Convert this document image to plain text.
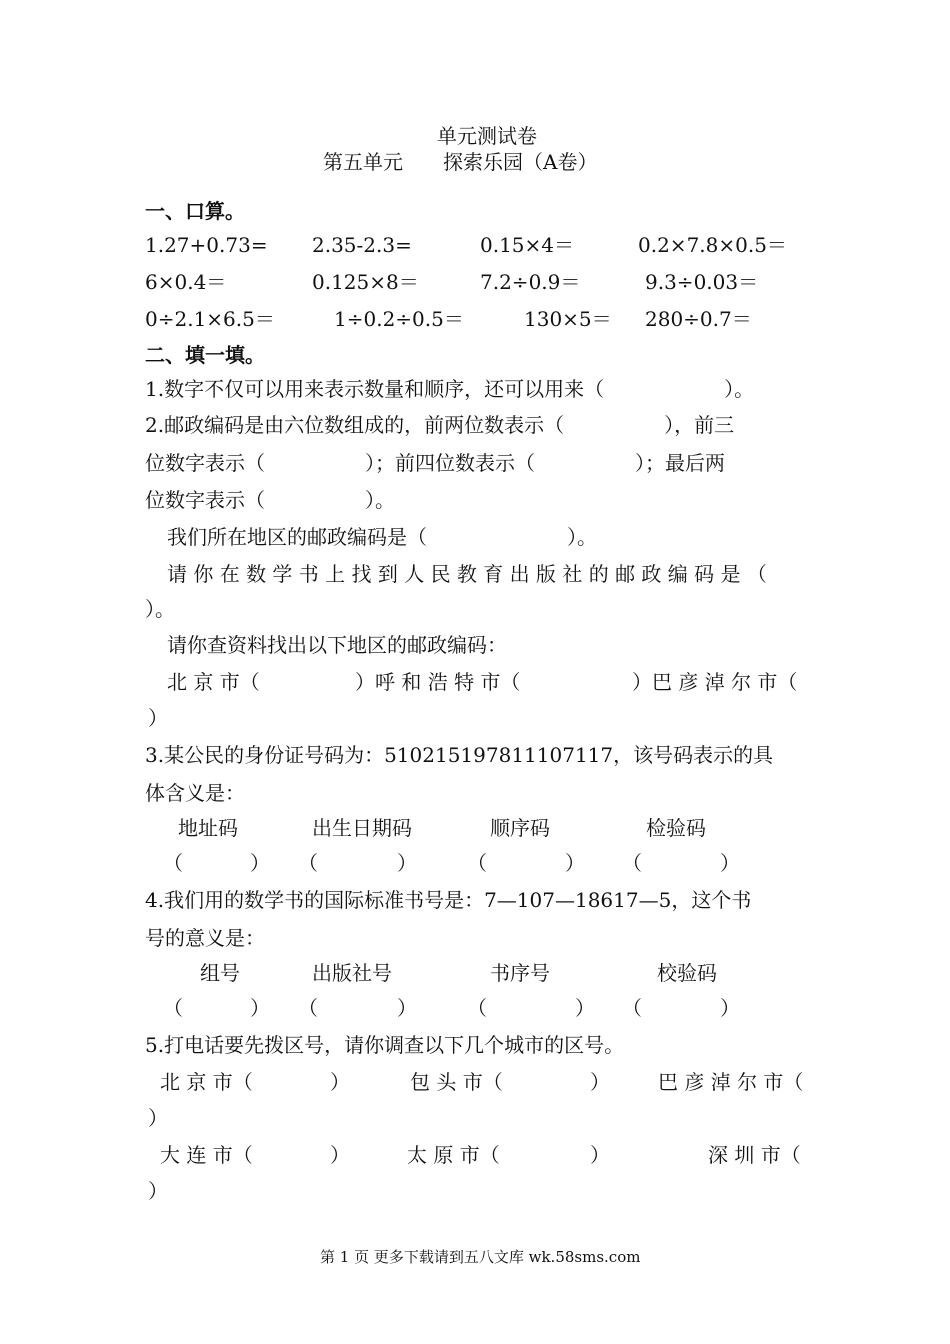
单元测试卷
第五单元　　探索乐园（A卷）
一、口算。
1.27+0.73= 2.35-2.3=	0.15×4＝	0.2×7.8×0.5＝
6×0.4＝	0.125×8＝	7.2÷0.9＝	9.3÷0.03＝
0÷2.1×6.5＝	1÷0.2÷0.5＝	130×5＝ 280÷0.7＝
二、填一填。
1.数字不仅可以用来表示数量和顺序，还可以用来（　　　　　　）。
2.邮政编码是由六位数组成的，前两位数表示（　　　　　），前三
位数字表示（　　　　　）；前四位数表示（　　　　　）；最后两
位数字表示（　　　　　）。
我们所在地区的邮政编码是（　　　　　　　）。
请 你 在 数 学 书 上 找 到 人 民 教 育 出 版 社 的 邮 政 编 码 是 （
）。
请你查资料找出以下地区的邮政编码：
北 京 市（	）呼 和 浩 特 市（	）巴 彦 淖 尔 市（
）
3.某公民的身份证号码为：510215197811107117，该号码表示的具
体含义是：
地址码	出生日期码	顺序码	检验码
（	） （	）	（	） （	）
4.我们用的数学书的国际标准书号是：7—107—18617—5，这个书
号的意义是：
组号	出版社号	书序号	校验码
（	） （	）	（	） （	）
5.打电话要先拨区号，请你调查以下几个城市的区号。
北 京 市（	）	包 头 市（	） 巴 彦 淖 尔 市（
）
大 连 市（	）	太 原 市（	）	深 圳 市（
）
第 1 页 更多下载请到五八文库 wk.58sms.com
